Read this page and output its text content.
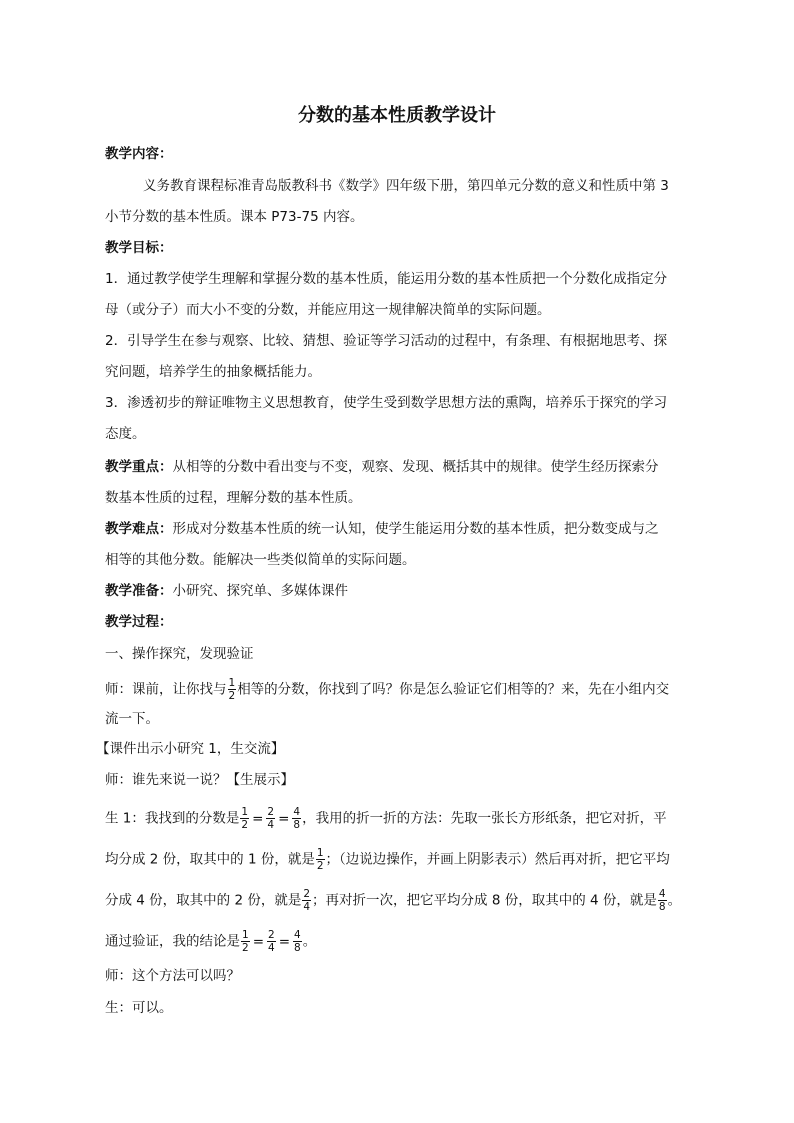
分数的基本性质教学设计
教学内容：
义务教育课程标准青岛版教科书《数学》四年级下册，第四单元分数的意义和性质中第 3
小节分数的基本性质。课本 P73-75 内容。
教学目标：
1．通过教学使学生理解和掌握分数的基本性质，能运用分数的基本性质把一个分数化成指定分
母（或分子）而大小不变的分数，并能应用这一规律解决简单的实际问题。
2．引导学生在参与观察、比较、猜想、验证等学习活动的过程中，有条理、有根据地思考、探
究问题，培养学生的抽象概括能力。
3．渗透初步的辩证唯物主义思想教育，使学生受到数学思想方法的熏陶，培养乐于探究的学习
态度。
教学重点：从相等的分数中看出变与不变，观察、发现、概括其中的规律。使学生经历探索分
数基本性质的过程，理解分数的基本性质。
教学难点：形成对分数基本性质的统一认知，使学生能运用分数的基本性质，把分数变成与之
相等的其他分数。能解决一些类似简单的实际问题。
教学准备：小研究、探究单、多媒体课件
教学过程：
一、操作探究，发现验证
师：课前，让你找与 $\frac{1}{2}$ 相等的分数，你找到了吗？你是怎么验证它们相等的？来，先在小组内交
流一下。
【课件出示小研究 1，生交流】
师：谁先来说一说？【生展示】
生 1：我找到的分数是 $\frac{1}{2} = \frac{2}{4} = \frac{4}{8}$ ，我用的折一折的方法：先取一张长方形纸条，把它对折，平
均分成 2 份，取其中的 1 份，就是 $\frac{1}{2}$ ；（边说边操作，并画上阴影表示）然后再对折，把它平均
分成 4 份，取其中的 2 份，就是 $\frac{2}{4}$ ；再对折一次，把它平均分成 8 份，取其中的 4 份，就是 $\frac{4}{8}$ 。
通过验证，我的结论是 $\frac{1}{2} = \frac{2}{4} = \frac{4}{8}$ 。
师：这个方法可以吗？
生：可以。
